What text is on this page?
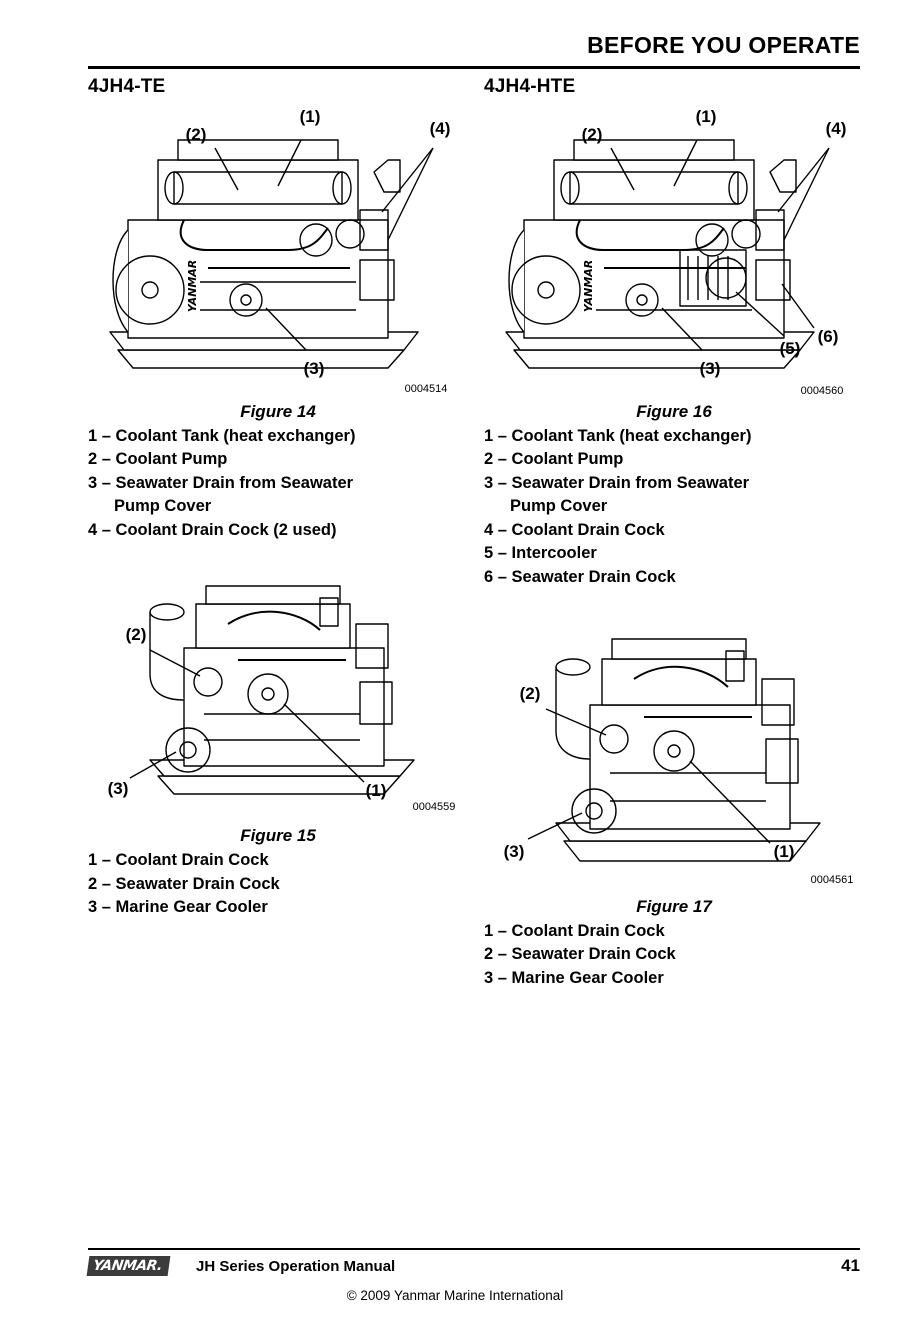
BEFORE YOU OPERATE
4JH4-TE
YANMAR
(2)
(1)
(4)
(3)
0004514
Figure 14
1 – Coolant Tank (heat exchanger)
2 – Coolant Pump
3 – Seawater Drain from Seawater
Pump Cover
4 – Coolant Drain Cock (2 used)
(2)
(3)	(1)
0004559
Figure 15
1 – Coolant Drain Cock
2 – Seawater Drain Cock
3 – Marine Gear Cooler
4JH4-HTE
YANMAR
(2)
(1)
(4)
(3)
(5)
(6)
0004560
Figure 16
1 – Coolant Tank (heat exchanger)
2 – Coolant Pump
3 – Seawater Drain from Seawater
Pump Cover
4 – Coolant Drain Cock
5 – Intercooler
6 – Seawater Drain Cock
(2)
(3)	(1)
0004561
Figure 17
1 – Coolant Drain Cock
2 – Seawater Drain Cock
3 – Marine Gear Cooler
YANMAR.	JH Series Operation Manual	41
© 2009 Yanmar Marine International
